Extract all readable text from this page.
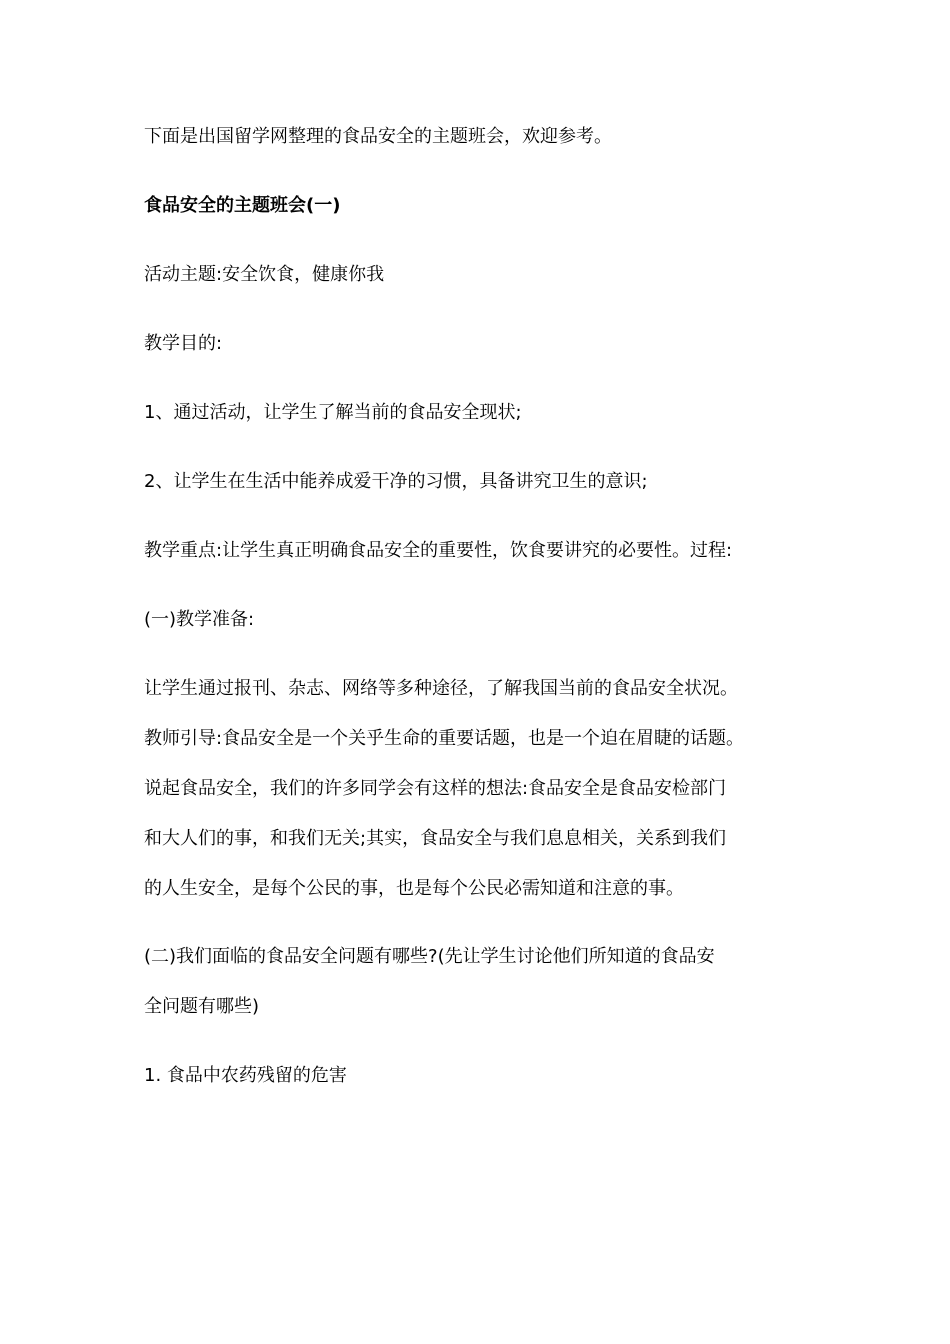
下面是出国留学网整理的食品安全的主题班会，欢迎参考。

食品安全的主题班会(一)

活动主题:安全饮食，健康你我

教学目的:

1、通过活动，让学生了解当前的食品安全现状;

2、让学生在生活中能养成爱干净的习惯，具备讲究卫生的意识;

教学重点:让学生真正明确食品安全的重要性，饮食要讲究的必要性。过程:

(一)教学准备:

让学生通过报刊、杂志、网络等多种途径，了解我国当前的食品安全状况。

教师引导:食品安全是一个关乎生命的重要话题，也是一个迫在眉睫的话题。

说起食品安全，我们的许多同学会有这样的想法:食品安全是食品安检部门

和大人们的事，和我们无关;其实，食品安全与我们息息相关，关系到我们

的人生安全，是每个公民的事，也是每个公民必需知道和注意的事。

(二)我们面临的食品安全问题有哪些?(先让学生讨论他们所知道的食品安

全问题有哪些)

1. 食品中农药残留的危害
